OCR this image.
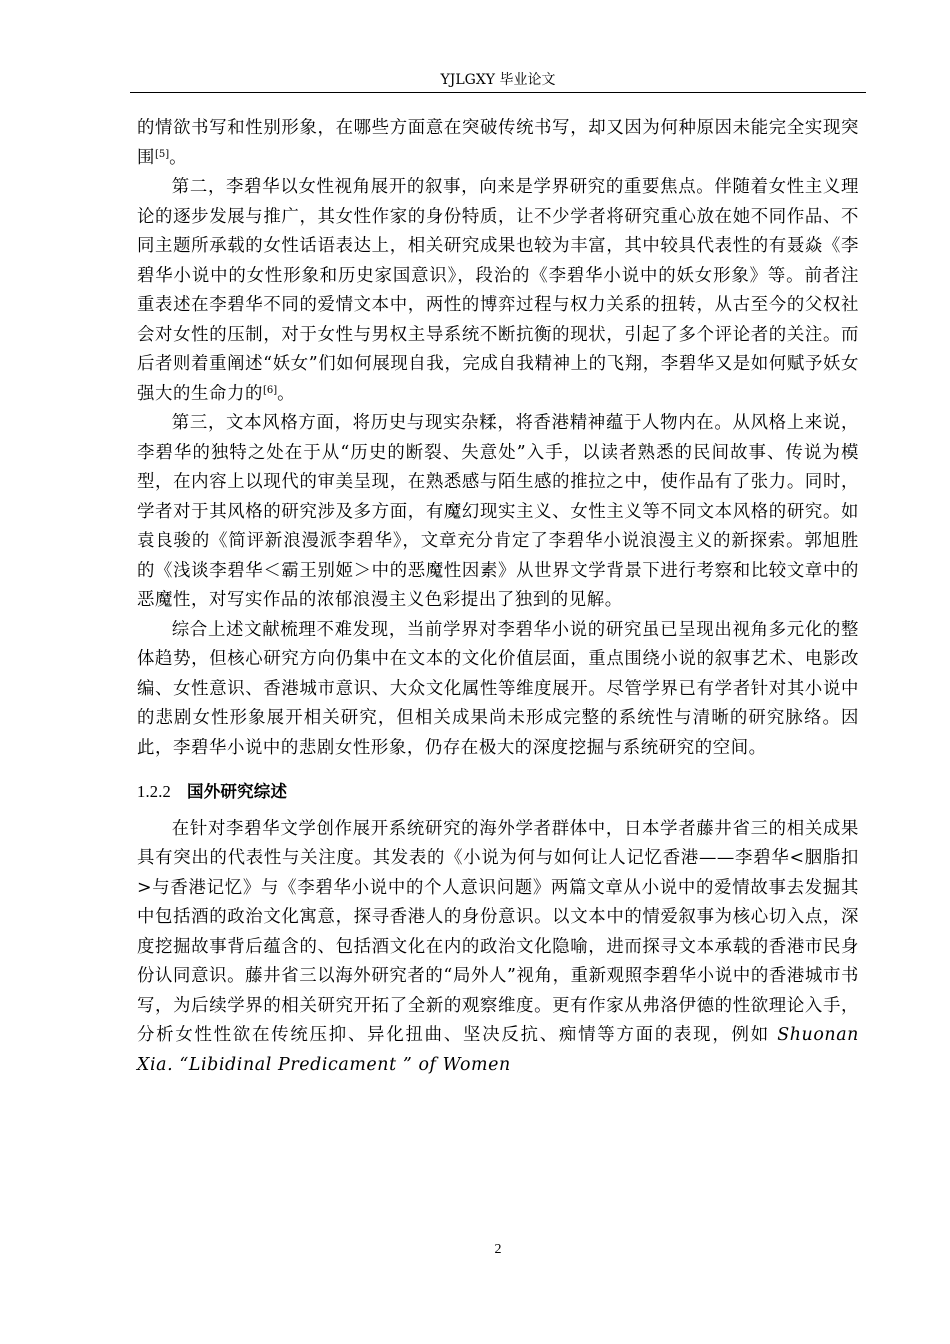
YJLGXY 毕业论文

的情欲书写和性别形象，在哪些方面意在突破传统书写，却又因为何种原因未能完全实现突围[5]。

第二，李碧华以女性视角展开的叙事，向来是学界研究的重要焦点。伴随着女性主义理论的逐步发展与推广，其女性作家的身份特质，让不少学者将研究重心放在她不同作品、不同主题所承载的女性话语表达上，相关研究成果也较为丰富，其中较具代表性的有聂焱《李碧华小说中的女性形象和历史家国意识》，段治的《李碧华小说中的妖女形象》等。前者注重表述在李碧华不同的爱情文本中，两性的博弈过程与权力关系的扭转，从古至今的父权社会对女性的压制，对于女性与男权主导系统不断抗衡的现状，引起了多个评论者的关注。而后者则着重阐述“妖女”们如何展现自我，完成自我精神上的飞翔，李碧华又是如何赋予妖女强大的生命力的[6]。

第三，文本风格方面，将历史与现实杂糅，将香港精神蕴于人物内在。从风格上来说，李碧华的独特之处在于从“历史的断裂、失意处”入手，以读者熟悉的民间故事、传说为模型，在内容上以现代的审美呈现，在熟悉感与陌生感的推拉之中，使作品有了张力。同时，学者对于其风格的研究涉及多方面，有魔幻现实主义、女性主义等不同文本风格的研究。如袁良骏的《简评新浪漫派李碧华》，文章充分肯定了李碧华小说浪漫主义的新探索。郭旭胜的《浅谈李碧华＜霸王别姬＞中的恶魔性因素》从世界文学背景下进行考察和比较文章中的恶魔性，对写实作品的浓郁浪漫主义色彩提出了独到的见解。

综合上述文献梳理不难发现，当前学界对李碧华小说的研究虽已呈现出视角多元化的整体趋势，但核心研究方向仍集中在文本的文化价值层面，重点围绕小说的叙事艺术、电影改编、女性意识、香港城市意识、大众文化属性等维度展开。尽管学界已有学者针对其小说中的悲剧女性形象展开相关研究，但相关成果尚未形成完整的系统性与清晰的研究脉络。因此，李碧华小说中的悲剧女性形象，仍存在极大的深度挖掘与系统研究的空间。

1.2.2 国外研究综述

在针对李碧华文学创作展开系统研究的海外学者群体中，日本学者藤井省三的相关成果具有突出的代表性与关注度。其发表的《小说为何与如何让人记忆香港——李碧华<胭脂扣>与香港记忆》与《李碧华小说中的个人意识问题》两篇文章从小说中的爱情故事去发掘其中包括酒的政治文化寓意，探寻香港人的身份意识。以文本中的情爱叙事为核心切入点，深度挖掘故事背后蕴含的、包括酒文化在内的政治文化隐喻，进而探寻文本承载的香港市民身份认同意识。藤井省三以海外研究者的“局外人”视角，重新观照李碧华小说中的香港城市书写，为后续学界的相关研究开拓了全新的观察维度。更有作家从弗洛伊德的性欲理论入手，分析女性性欲在传统压抑、异化扭曲、坚决反抗、痴情等方面的表现，例如 Shuonan Xia. “Libidinal Predicament ” of Women

2
